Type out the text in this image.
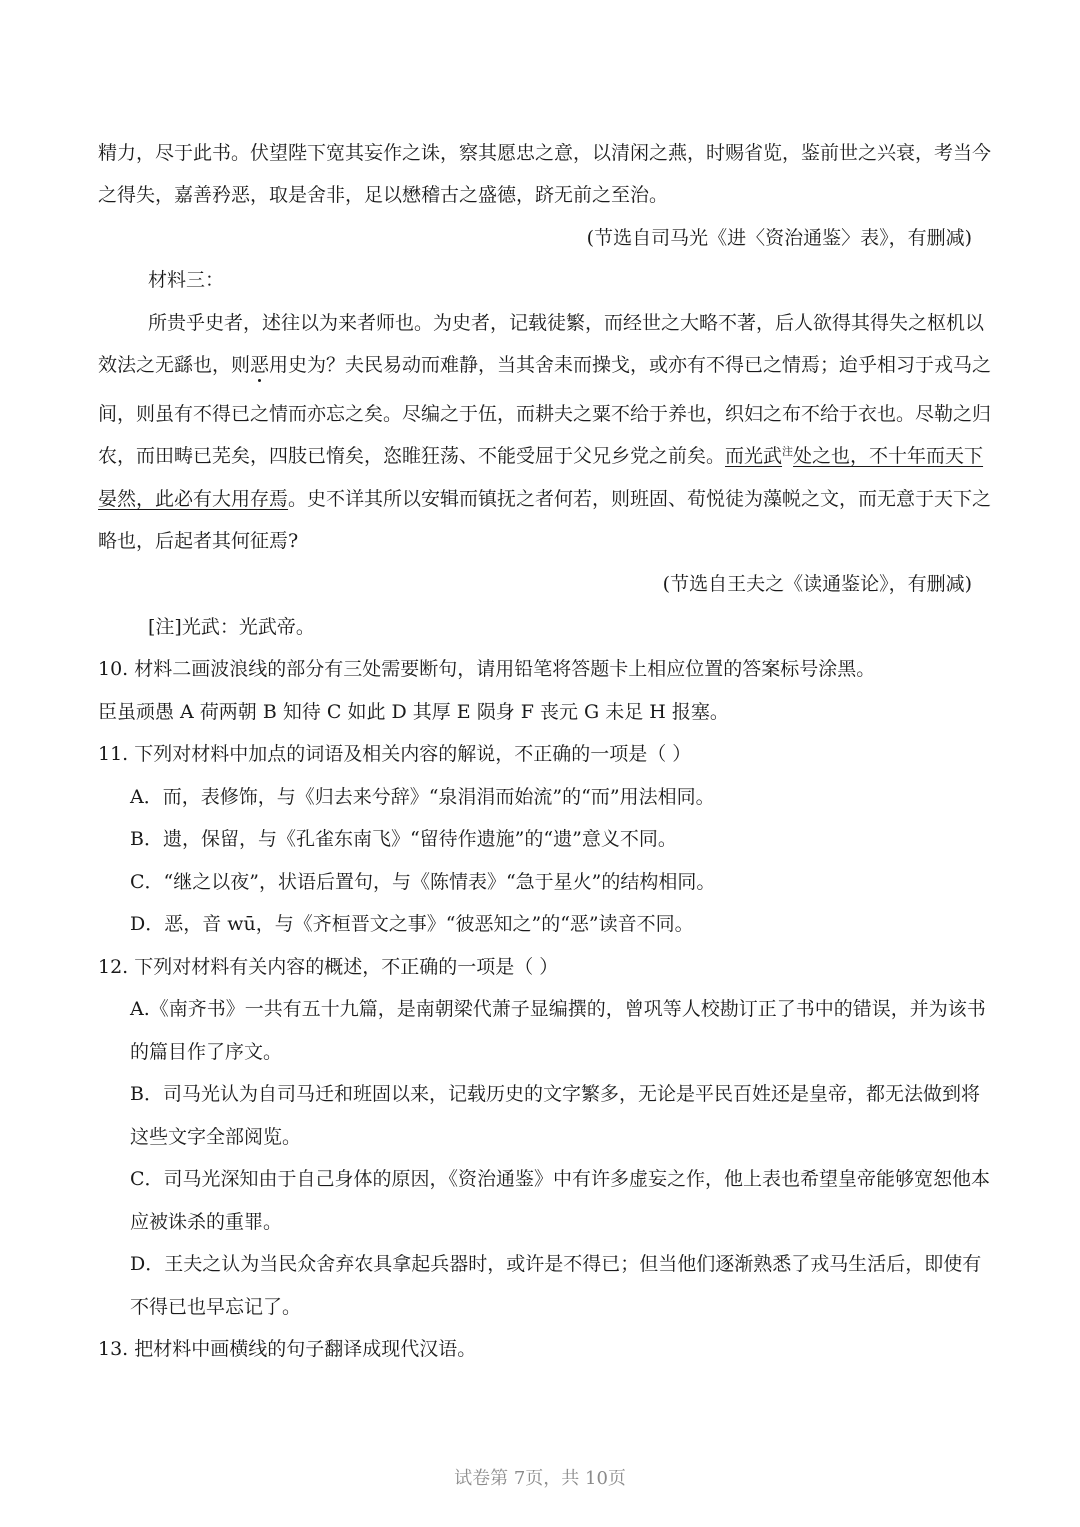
精力，尽于此书。伏望陛下宽其妄作之诛，察其愿忠之意，以清闲之燕，时赐省览，鉴前世之兴衰，考当今
之得失，嘉善矜恶，取是舍非，足以懋稽古之盛德，跻无前之至治。
(节选自司马光《进〈资治通鉴〉表》，有删减)
材料三：
所贵乎史者，述往以为来者师也。为史者，记载徒繁，而经世之大略不著，后人欲得其得失之枢机以
效法之无繇也，则恶用史为？夫民易动而难静，当其舍耒而操戈，或亦有不得已之情焉；迨乎相习于戎马之
间，则虽有不得已之情而亦忘之矣。尽编之于伍，而耕夫之粟不给于养也，织妇之布不给于衣也。尽勒之归
农，而田畴已芜矣，四肢已惰矣，恣睢狂荡、不能受屈于父兄乡党之前矣。而光武$^注$处之也，不十年而天下
晏然，此必有大用存焉。史不详其所以安辑而镇抚之者何若，则班固、荀悦徒为藻帨之文，而无意于天下之
略也，后起者其何征焉?
(节选自王夫之《读通鉴论》，有删减)
[注]光武：光武帝。
10. 材料二画波浪线的部分有三处需要断句，请用铅笔将答题卡上相应位置的答案标号涂黑。
臣虽顽愚 A 荷两朝 B 知待 C 如此 D 其厚 E 陨身 F 丧元 G 未足 H 报塞。
11. 下列对材料中加点的词语及相关内容的解说，不正确的一项是（ ）
A．而，表修饰，与《归去来兮辞》“泉涓涓而始流”的“而”用法相同。
B．遗，保留，与《孔雀东南飞》“留待作遗施”的“遗”意义不同。
C．“继之以夜”，状语后置句，与《陈情表》“急于星火”的结构相同。
D．恶，音 wū，与《齐桓晋文之事》“彼恶知之”的“恶”读音不同。
12. 下列对材料有关内容的概述，不正确的一项是（ ）
A.《南齐书》一共有五十九篇，是南朝梁代萧子显编撰的，曾巩等人校勘订正了书中的错误，并为该书
的篇目作了序文。
B．司马光认为自司马迁和班固以来，记载历史的文字繁多，无论是平民百姓还是皇帝，都无法做到将
这些文字全部阅览。
C．司马光深知由于自己身体的原因，《资治通鉴》中有许多虚妄之作，他上表也希望皇帝能够宽恕他本
应被诛杀的重罪。
D．王夫之认为当民众舍弃农具拿起兵器时，或许是不得已；但当他们逐渐熟悉了戎马生活后，即使有
不得已也早忘记了。
13. 把材料中画横线的句子翻译成现代汉语。
试卷第 7页，共 10页
